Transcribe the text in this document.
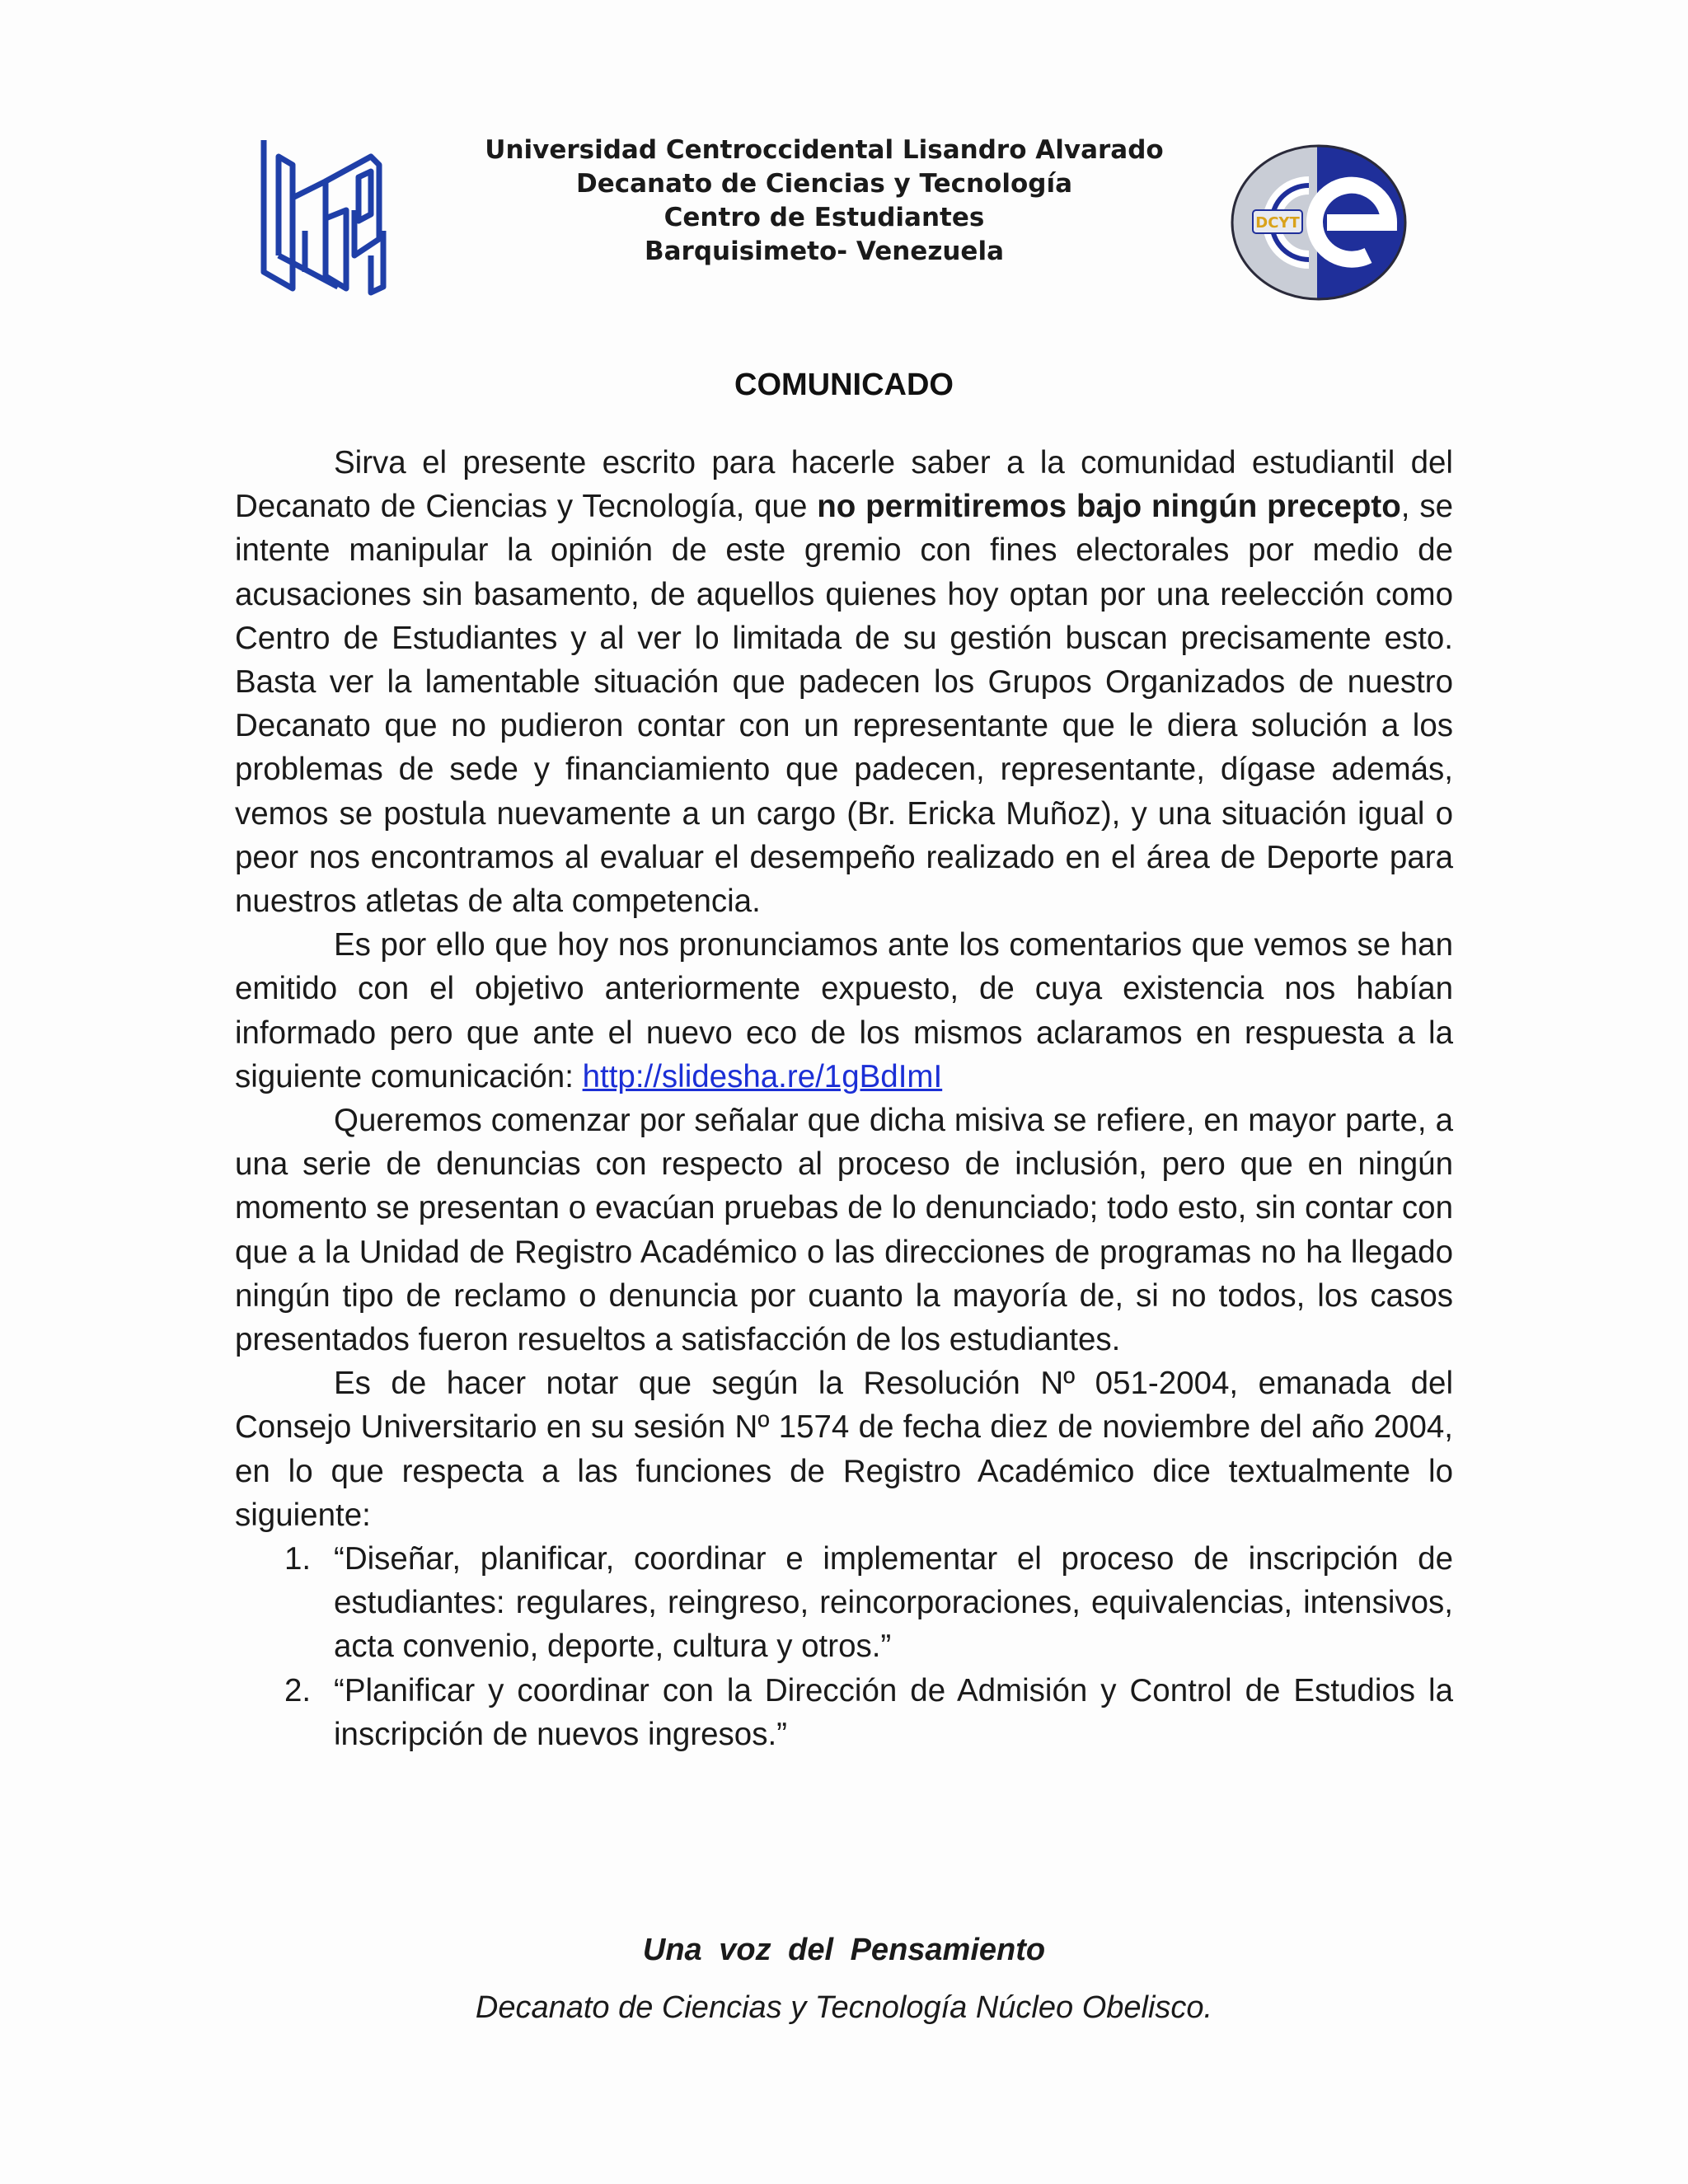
Universidad Centroccidental Lisandro Alvarado
Decanato de Ciencias y Tecnología
Centro de Estudiantes
Barquisimeto- Venezuela
DCYT
COMUNICADO

Sirva el presente escrito para hacerle saber a la comunidad estudiantil del Decanato de Ciencias y Tecnología, que no permitiremos bajo ningún precepto, se intente manipular la opinión de este gremio con fines electorales por medio de acusaciones sin basamento, de aquellos quienes hoy optan por una reelección como Centro de Estudiantes y al ver lo limitada de su gestión buscan precisamente esto. Basta ver la lamentable situación que padecen los Grupos Organizados de nuestro Decanato que no pudieron contar con un representante que le diera solución a los problemas de sede y financiamiento que padecen, representante, dígase además, vemos se postula nuevamente a un cargo (Br. Ericka Muñoz), y una situación igual o peor nos encontramos al evaluar el desempeño realizado en el área de Deporte para nuestros atletas de alta competencia.

Es por ello que hoy nos pronunciamos ante los comentarios que vemos se han emitido con el objetivo anteriormente expuesto, de cuya existencia nos habían informado pero que ante el nuevo eco de los mismos aclaramos en respuesta a la siguiente comunicación: http://slidesha.re/1gBdImI

Queremos comenzar por señalar que dicha misiva se refiere, en mayor parte, a una serie de denuncias con respecto al proceso de inclusión, pero que en ningún momento se presentan o evacúan pruebas de lo denunciado; todo esto, sin contar con que a la Unidad de Registro Académico o las direcciones de programas no ha llegado ningún tipo de reclamo o denuncia por cuanto la mayoría de, si no todos, los casos presentados fueron resueltos a satisfacción de los estudiantes.

Es de hacer notar que según la Resolución Nº 051-2004, emanada del Consejo Universitario en su sesión Nº 1574 de fecha diez de noviembre del año 2004, en lo que respecta a las funciones de Registro Académico dice textualmente lo siguiente:

1. “Diseñar, planificar, coordinar e implementar el proceso de inscripción de estudiantes: regulares, reingreso, reincorporaciones, equivalencias, intensivos, acta convenio, deporte, cultura y otros.”
2. “Planificar y coordinar con la Dirección de Admisión y Control de Estudios la inscripción de nuevos ingresos.”
Una voz del Pensamiento
Decanato de Ciencias y Tecnología Núcleo Obelisco.
